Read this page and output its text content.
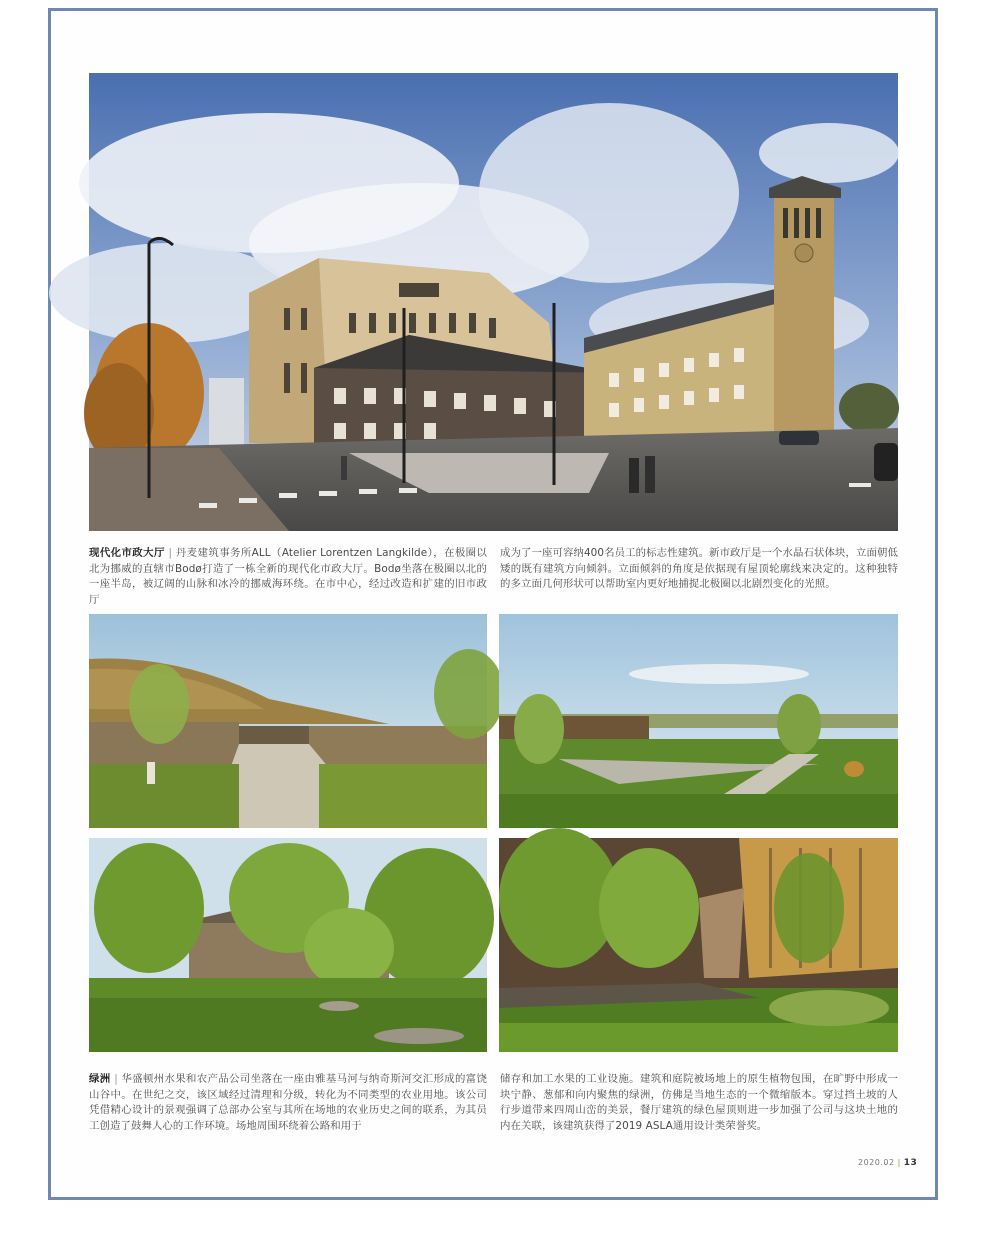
现代化市政大厅 | 丹麦建筑事务所ALL（Atelier Lorentzen Langkilde），在极圈以北为挪威的直辖市Bodø打造了一栋全新的现代化市政大厅。Bodø坐落在极圈以北的一座半岛，被辽阔的山脉和冰冷的挪威海环绕。在市中心，经过改造和扩建的旧市政厅
成为了一座可容纳400名员工的标志性建筑。新市政厅是一个水晶石状体块，立面朝低矮的既有建筑方向倾斜。立面倾斜的角度是依据现有屋顶轮廓线来决定的。这种独特的多立面几何形状可以帮助室内更好地捕捉北极圈以北剧烈变化的光照。
绿洲 | 华盛顿州水果和农产品公司坐落在一座由雅基马河与纳奇斯河交汇形成的富饶山谷中。在世纪之交，该区域经过清理和分级，转化为不同类型的农业用地。该公司凭借精心设计的景观强调了总部办公室与其所在场地的农业历史之间的联系，为其员工创造了鼓舞人心的工作环境。场地周围环绕着公路和用于
储存和加工水果的工业设施。建筑和庭院被场地上的原生植物包围，在旷野中形成一块宁静、葱郁和向内聚焦的绿洲，仿佛是当地生态的一个微缩版本。穿过挡土坡的人行步道带来四周山峦的美景，餐厅建筑的绿色屋顶则进一步加强了公司与这块土地的内在关联，该建筑获得了2019 ASLA通用设计类荣誉奖。
2020.02 | 13
